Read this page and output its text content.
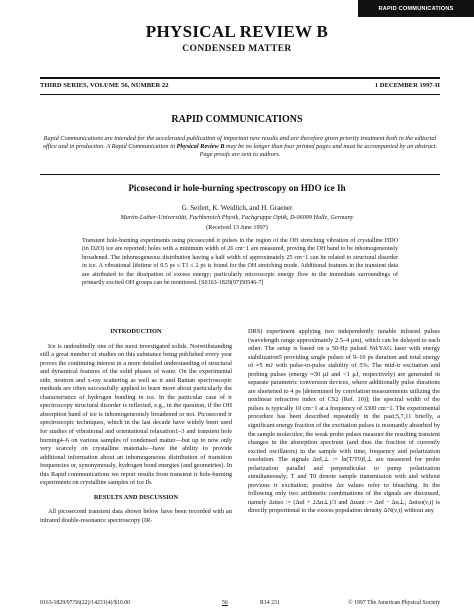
RAPID COMMUNICATIONS
PHYSICAL REVIEW B
CONDENSED MATTER
THIRD SERIES, VOLUME 56, NUMBER 22	1 DECEMBER 1997-II
RAPID COMMUNICATIONS
Rapid Communications are intended for the accelerated publication of important new results and are therefore given priority treatment both in the editorial office and in production. A Rapid Communication in Physical Review B may be no longer than four printed pages and must be accompanied by an abstract. Page proofs are sent to authors.
Picosecond ir hole-burning spectroscopy on HDO ice Ih
G. Seifert, K. Weidlich, and H. Graener
Martin-Luther-Universität, Fachbereich Physik, Fachgruppe Optik, D-06099 Halle, Germany
(Received 13 June 1997)
Transient hole-burning experiments using picosecond ir pulses in the region of the OH stretching vibration of crystalline HDO (in D2O) ice are reported; holes with a minimum width of 26 cm−1 are measured, proving the OH band to be inhomogeneously broadened. The inhomogeneous distribution having a half width of approximately 25 cm−1 can be related to structural disorder in ice. A vibrational lifetime of 0.5 ps ≤ T1 ≤ 2 ps is found for the OH stretching mode. Additional features in the transient data are attributed to the dissipation of excess energy; particularly microscopic energy flow in the immediate surroundings of primarily excited OH groups can be monitored. [S0163-1829(97)50546-7]
INTRODUCTION

Ice is undoubtedly one of the most investigated solids. Notwithstanding still a great number of studies on this substance being published every year proves the continuing interest in a more detailed understanding of structural and dynamical features of the solid phases of water. On the experimental side, neutron and x-ray scattering as well as ir and Raman spectroscopic methods are often successfully applied to learn more about particularly the characteristics of hydrogen bonding in ice. In the particular case of ir spectroscopy structural disorder is reflected, e.g., in the question, if the OH absorption band of ice is inhomogeneously broadened or not. Picosecond ir spectroscopic techniques, which in the last decade have widely been used for studies of vibrational and orientational relaxation1–3 and transient hole burning4–6 on various samples of condensed matter—but up to now only very scarcely on crystalline materials—have the ability to provide additional information about an inhomogeneous distribution of transition frequencies or, synonymously, hydrogen bond energies (and geometries). In this Rapid communications we report results from transient ir hole-burning experiments on crystalline samples of ice Ih.

RESULTS AND DISCUSSION

All picosecond transient data shown below have been recorded with an infrared double-resonance spectroscopy (IR-

DRS) experiment applying two independently tunable infrared pulses (wavelength range approximately 2.5–4 μm), which can be delayed to each other. The setup is based on a 50-Hz pulsed Nd:YAG laser with energy stabilization5 providing single pulses of 9–10 ps duration and total energy of ≈5 mJ with pulse-to-pulse stability of 5%. The mid-ir excitation and probing pulses (energy ≈30 μJ and <1 μJ, respectively) are generated in separate parametric conversion devices, where additionally pulse durations are shortened to 4 ps [determined by correlation measurements utilizing the nonlinear refractive index of CS2 (Ref. 10)]; the spectral width of the pulses is typically 10 cm−1 at a frequency of 3300 cm−1. The experimental procedure has been described repeatedly in the past;5,7,11 briefly, a significant energy fraction of the excitation pulses is resonantly absorbed by the sample molecules; the weak probe pulses measure the resulting transient changes in the absorption spectrum (and thus the fraction of currently excited oscillators) in the sample with time, frequency and polarization resolution. The signals Δα‖,⊥ := ln(T/T0)‖,⊥ are measured for probe polarization parallel and perpendicular to pump polarization simultaneously; T and T0 denote sample transmission with and without previous ir excitation; positive Δα values refer to bleaching. In the following only two arithmetic combinations of the signals are discussed, namely Δαiso := (Δα‖ + 2Δα⊥)/3 and Δαani := Δα‖ − Δα⊥; Δαiso(ν,t) is directly proportional to the excess population density ΔN(ν,t) without any

0163-1829/97/56(22)/14231(4)/$10.00	56	R14 231	© 1997 The American Physical Society
